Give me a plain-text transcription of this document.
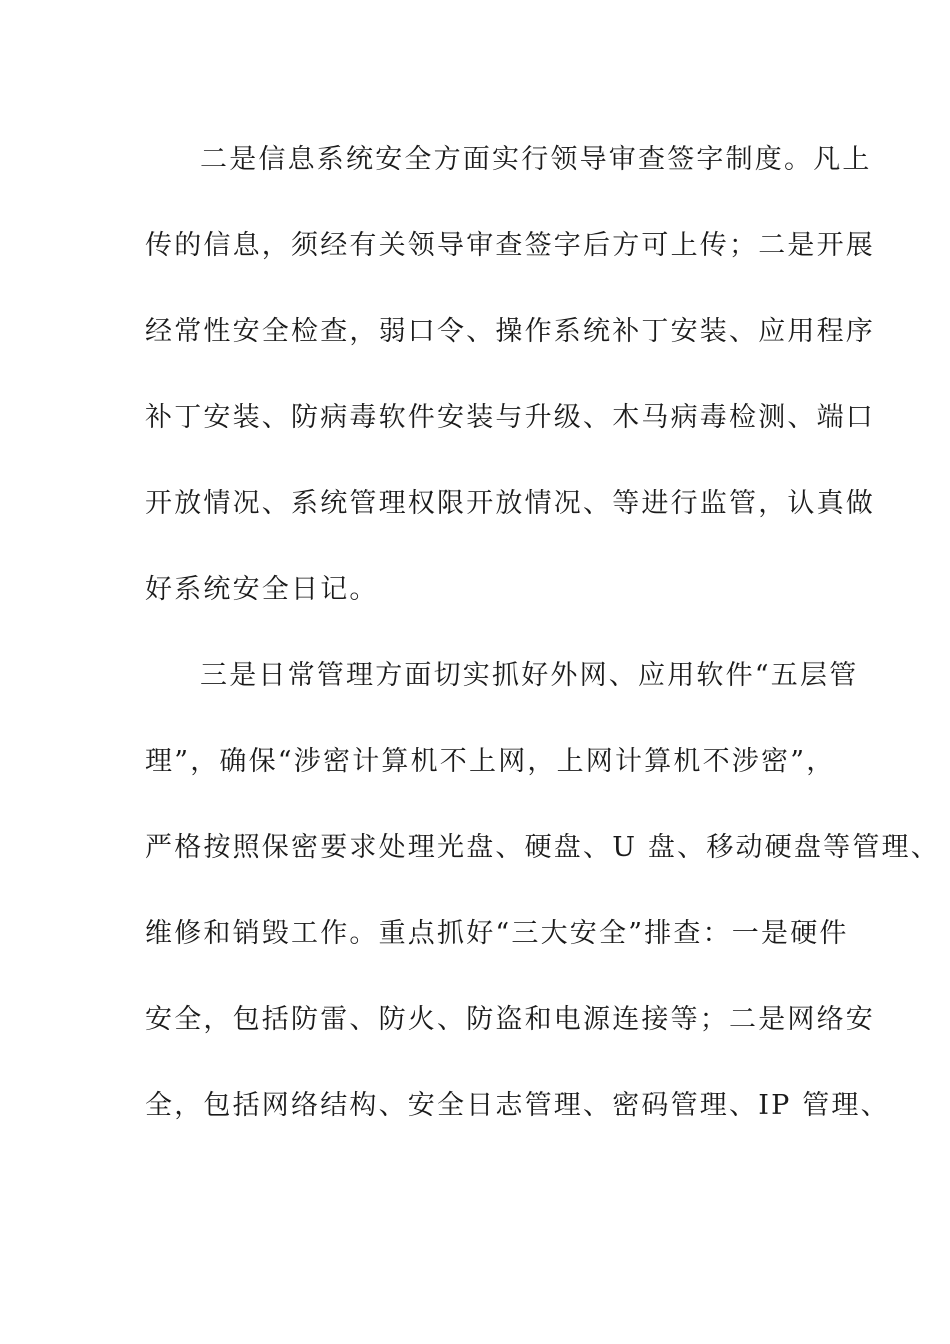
二是信息系统安全方面实行领导审查签字制度。凡上
传的信息，须经有关领导审查签字后方可上传；二是开展
经常性安全检查，弱口令、操作系统补丁安装、应用程序
补丁安装、防病毒软件安装与升级、木马病毒检测、端口
开放情况、系统管理权限开放情况、等进行监管，认真做
好系统安全日记。
三是日常管理方面切实抓好外网、应用软件“五层管
理”，确保“涉密计算机不上网，上网计算机不涉密”，
严格按照保密要求处理光盘、硬盘、U 盘、移动硬盘等管理、
维修和销毁工作。重点抓好“三大安全”排查：一是硬件
安全，包括防雷、防火、防盗和电源连接等；二是网络安
全，包括网络结构、安全日志管理、密码管理、IP 管理、
